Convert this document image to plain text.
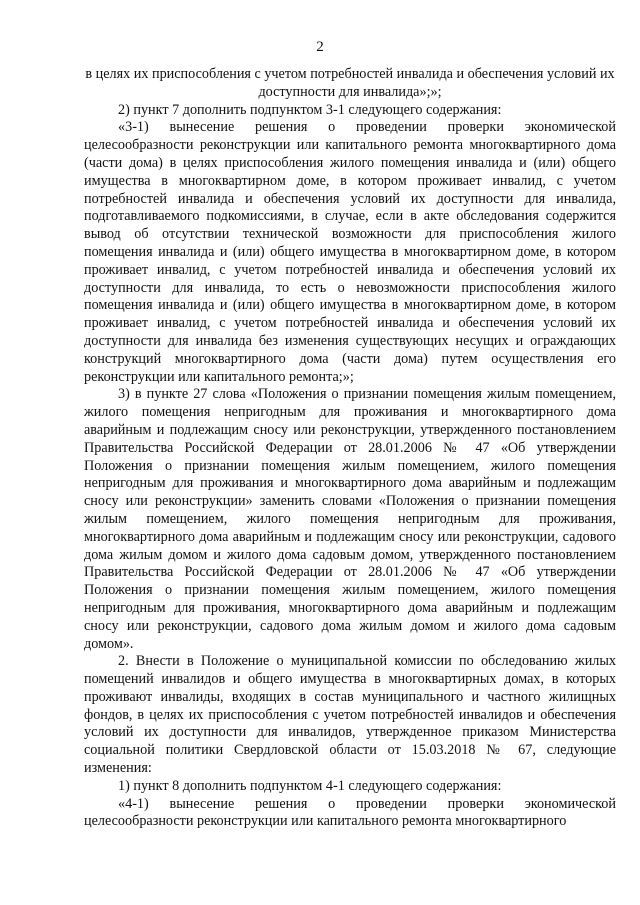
2

в целях их приспособления с учетом потребностей инвалида и обеспечения условий их доступности для инвалида»;»;

2) пункт 7 дополнить подпунктом 3-1 следующего содержания:

«3-1) вынесение решения о проведении проверки экономической целесообразности реконструкции или капитального ремонта многоквартирного дома (части дома) в целях приспособления жилого помещения инвалида и (или) общего имущества в многоквартирном доме, в котором проживает инвалид, с учетом потребностей инвалида и обеспечения условий их доступности для инвалида, подготавливаемого подкомиссиями, в случае, если в акте обследования содержится вывод об отсутствии технической возможности для приспособления жилого помещения инвалида и (или) общего имущества в многоквартирном доме, в котором проживает инвалид, с учетом потребностей инвалида и обеспечения условий их доступности для инвалида, то есть о невозможности приспособления жилого помещения инвалида и (или) общего имущества в многоквартирном доме, в котором проживает инвалид, с учетом потребностей инвалида и обеспечения условий их доступности для инвалида без изменения существующих несущих и ограждающих конструкций многоквартирного дома (части дома) путем осуществления его реконструкции или капитального ремонта;»;

3) в пункте 27 слова «Положения о признании помещения жилым помещением, жилого помещения непригодным для проживания и многоквартирного дома аварийным и подлежащим сносу или реконструкции, утвержденного постановлением Правительства Российской Федерации от 28.01.2006 № 47 «Об утверждении Положения о признании помещения жилым помещением, жилого помещения непригодным для проживания и многоквартирного дома аварийным и подлежащим сносу или реконструкции» заменить словами «Положения о признании помещения жилым помещением, жилого помещения непригодным для проживания, многоквартирного дома аварийным и подлежащим сносу или реконструкции, садового дома жилым домом и жилого дома садовым домом, утвержденного постановлением Правительства Российской Федерации от 28.01.2006 № 47 «Об утверждении Положения о признании помещения жилым помещением, жилого помещения непригодным для проживания, многоквартирного дома аварийным и подлежащим сносу или реконструкции, садового дома жилым домом и жилого дома садовым домом».

2. Внести в Положение о муниципальной комиссии по обследованию жилых помещений инвалидов и общего имущества в многоквартирных домах, в которых проживают инвалиды, входящих в состав муниципального и частного жилищных фондов, в целях их приспособления с учетом потребностей инвалидов и обеспечения условий их доступности для инвалидов, утвержденное приказом Министерства социальной политики Свердловской области от 15.03.2018 № 67, следующие изменения:

1) пункт 8 дополнить подпунктом 4-1 следующего содержания:

«4-1) вынесение решения о проведении проверки экономической целесообразности реконструкции или капитального ремонта многоквартирного
